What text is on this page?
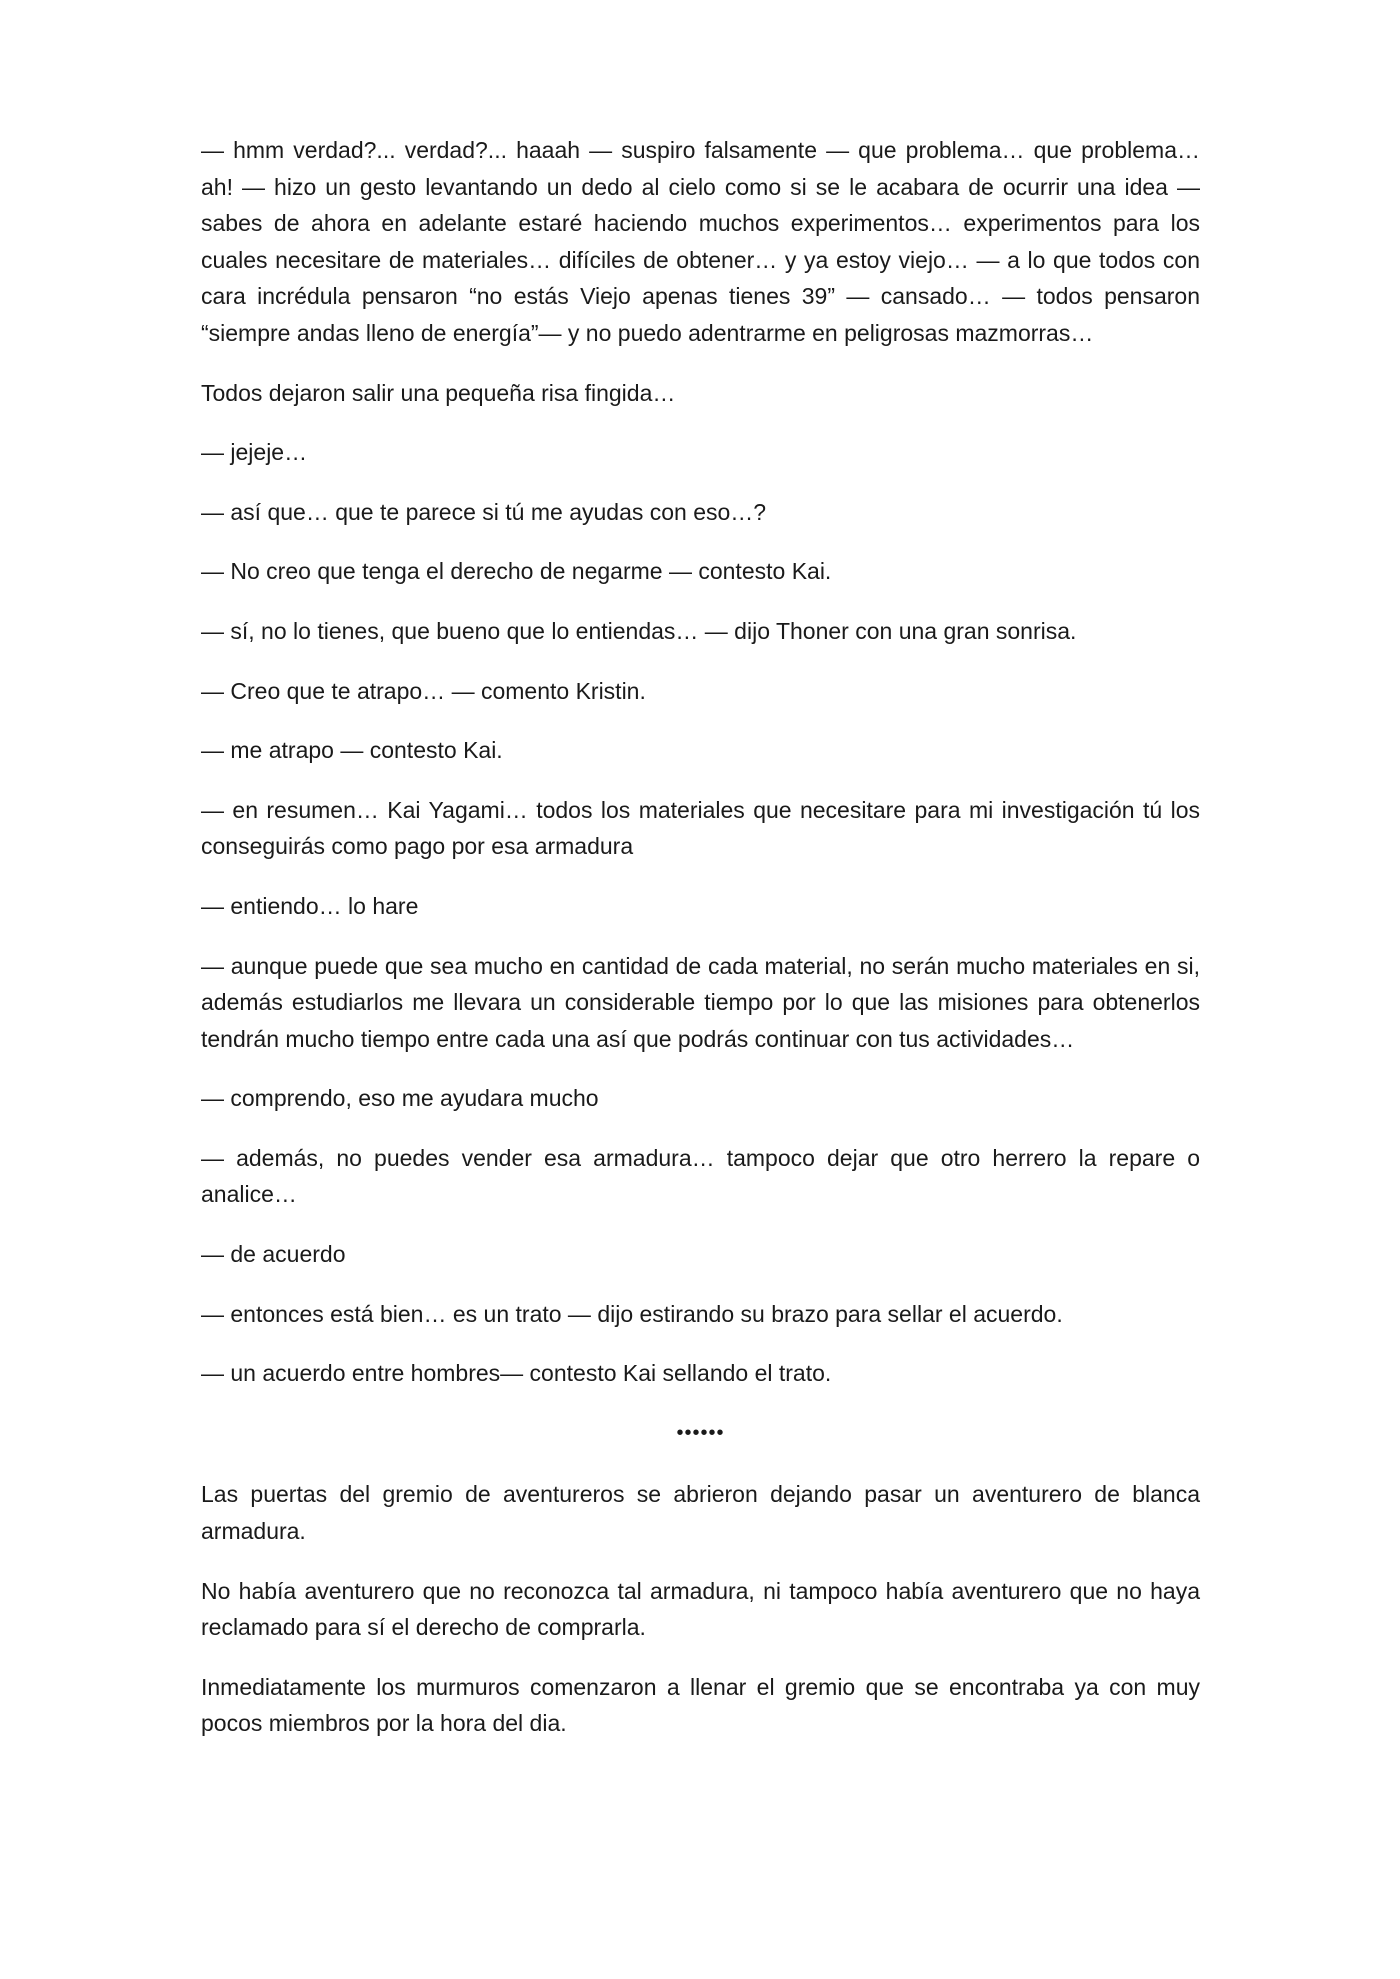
— hmm verdad?... verdad?... haaah — suspiro falsamente — que problema… que problema… ah! — hizo un gesto levantando un dedo al cielo como si se le acabara de ocurrir una idea — sabes de ahora en adelante estaré haciendo muchos experimentos… experimentos para los cuales necesitare de materiales… difíciles de obtener… y ya estoy viejo… — a lo que todos con cara incrédula pensaron “no estás Viejo apenas tienes 39” — cansado… — todos pensaron “siempre andas lleno de energía”— y no puedo adentrarme en peligrosas mazmorras…

Todos dejaron salir una pequeña risa fingida…

— jejeje…

— así que… que te parece si tú me ayudas con eso…?

— No creo que tenga el derecho de negarme — contesto Kai.

— sí, no lo tienes, que bueno que lo entiendas… — dijo Thoner con una gran sonrisa.

— Creo que te atrapo… — comento Kristin.

— me atrapo — contesto Kai.

— en resumen… Kai Yagami… todos los materiales que necesitare para mi investigación tú los conseguirás como pago por esa armadura

— entiendo… lo hare

— aunque puede que sea mucho en cantidad de cada material, no serán mucho materiales en si, además estudiarlos me llevara un considerable tiempo por lo que las misiones para obtenerlos tendrán mucho tiempo entre cada una así que podrás continuar con tus actividades…

— comprendo, eso me ayudara mucho

— además, no puedes vender esa armadura… tampoco dejar que otro herrero la repare o analice…

— de acuerdo

— entonces está bien… es un trato — dijo estirando su brazo para sellar el acuerdo.

— un acuerdo entre hombres— contesto Kai sellando el trato.

••••••

Las puertas del gremio de aventureros se abrieron dejando pasar un aventurero de blanca armadura.

No había aventurero que no reconozca tal armadura, ni tampoco había aventurero que no haya reclamado para sí el derecho de comprarla.

Inmediatamente los murmuros comenzaron a llenar el gremio que se encontraba ya con muy pocos miembros por la hora del dia.
